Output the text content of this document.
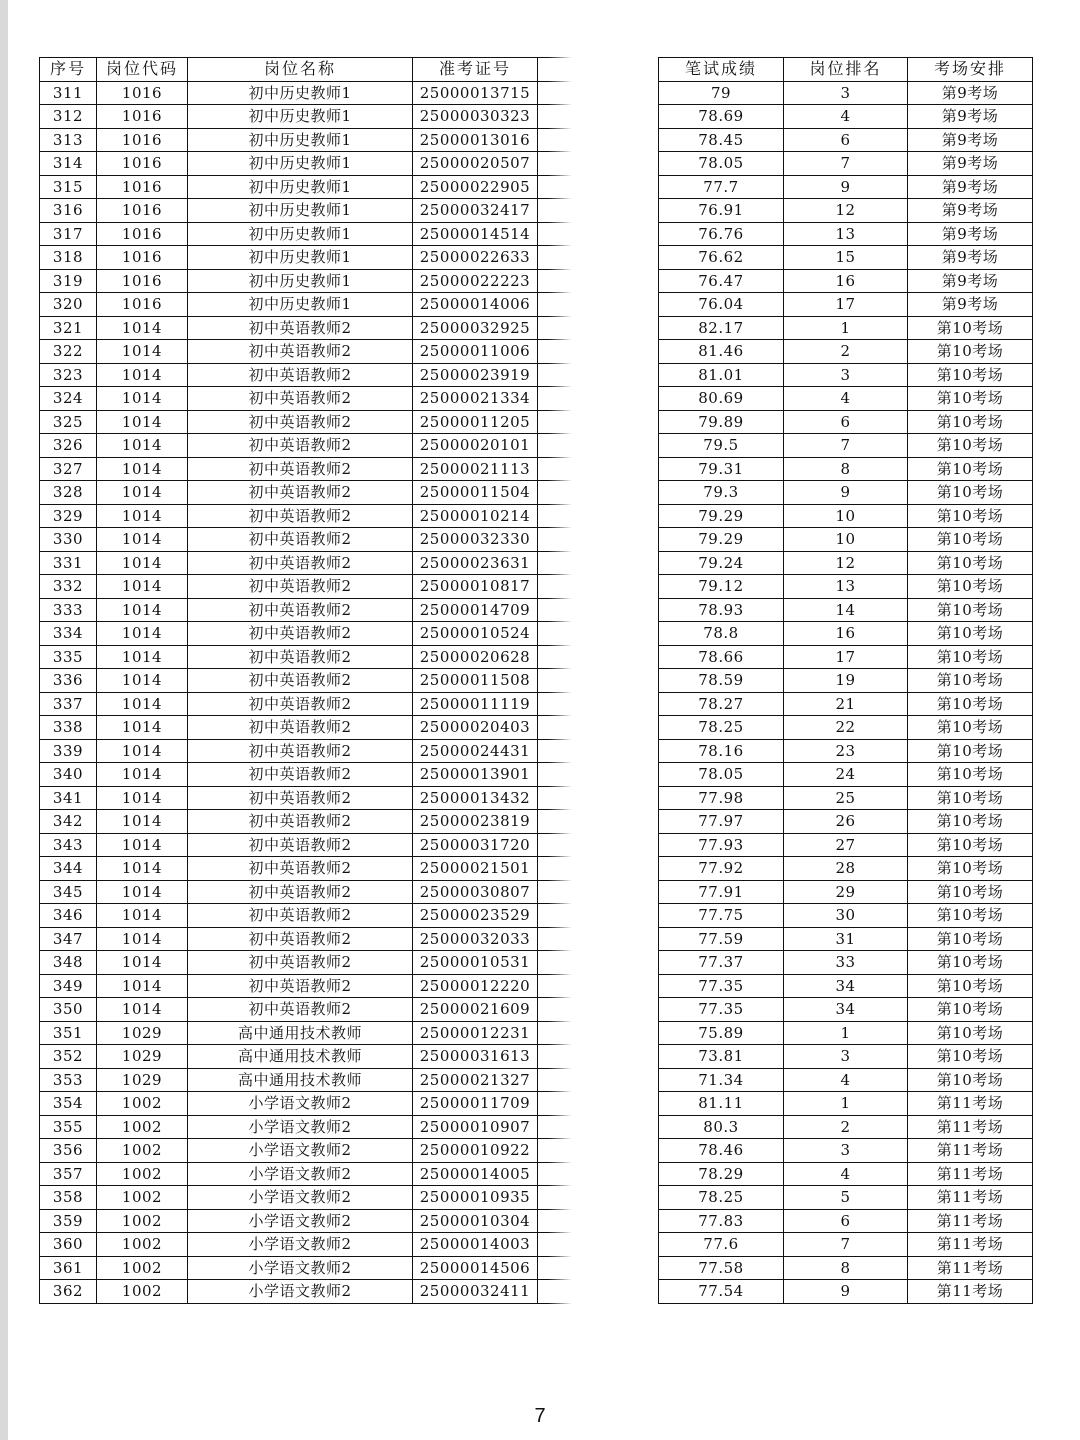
序号	岗位代码	岗位名称	准考证号	
311	1016	初中历史教师1	25000013715	
312	1016	初中历史教师1	25000030323	
313	1016	初中历史教师1	25000013016	
314	1016	初中历史教师1	25000020507	
315	1016	初中历史教师1	25000022905	
316	1016	初中历史教师1	25000032417	
317	1016	初中历史教师1	25000014514	
318	1016	初中历史教师1	25000022633	
319	1016	初中历史教师1	25000022223	
320	1016	初中历史教师1	25000014006	
321	1014	初中英语教师2	25000032925	
322	1014	初中英语教师2	25000011006	
323	1014	初中英语教师2	25000023919	
324	1014	初中英语教师2	25000021334	
325	1014	初中英语教师2	25000011205	
326	1014	初中英语教师2	25000020101	
327	1014	初中英语教师2	25000021113	
328	1014	初中英语教师2	25000011504	
329	1014	初中英语教师2	25000010214	
330	1014	初中英语教师2	25000032330	
331	1014	初中英语教师2	25000023631	
332	1014	初中英语教师2	25000010817	
333	1014	初中英语教师2	25000014709	
334	1014	初中英语教师2	25000010524	
335	1014	初中英语教师2	25000020628	
336	1014	初中英语教师2	25000011508	
337	1014	初中英语教师2	25000011119	
338	1014	初中英语教师2	25000020403	
339	1014	初中英语教师2	25000024431	
340	1014	初中英语教师2	25000013901	
341	1014	初中英语教师2	25000013432	
342	1014	初中英语教师2	25000023819	
343	1014	初中英语教师2	25000031720	
344	1014	初中英语教师2	25000021501	
345	1014	初中英语教师2	25000030807	
346	1014	初中英语教师2	25000023529	
347	1014	初中英语教师2	25000032033	
348	1014	初中英语教师2	25000010531	
349	1014	初中英语教师2	25000012220	
350	1014	初中英语教师2	25000021609	
351	1029	高中通用技术教师	25000012231	
352	1029	高中通用技术教师	25000031613	
353	1029	高中通用技术教师	25000021327	
354	1002	小学语文教师2	25000011709	
355	1002	小学语文教师2	25000010907	
356	1002	小学语文教师2	25000010922	
357	1002	小学语文教师2	25000014005	
358	1002	小学语文教师2	25000010935	
359	1002	小学语文教师2	25000010304	
360	1002	小学语文教师2	25000014003	
361	1002	小学语文教师2	25000014506	
362	1002	小学语文教师2	25000032411	
笔试成绩	岗位排名	考场安排
79	3	第9考场
78.69	4	第9考场
78.45	6	第9考场
78.05	7	第9考场
77.7	9	第9考场
76.91	12	第9考场
76.76	13	第9考场
76.62	15	第9考场
76.47	16	第9考场
76.04	17	第9考场
82.17	1	第10考场
81.46	2	第10考场
81.01	3	第10考场
80.69	4	第10考场
79.89	6	第10考场
79.5	7	第10考场
79.31	8	第10考场
79.3	9	第10考场
79.29	10	第10考场
79.29	10	第10考场
79.24	12	第10考场
79.12	13	第10考场
78.93	14	第10考场
78.8	16	第10考场
78.66	17	第10考场
78.59	19	第10考场
78.27	21	第10考场
78.25	22	第10考场
78.16	23	第10考场
78.05	24	第10考场
77.98	25	第10考场
77.97	26	第10考场
77.93	27	第10考场
77.92	28	第10考场
77.91	29	第10考场
77.75	30	第10考场
77.59	31	第10考场
77.37	33	第10考场
77.35	34	第10考场
77.35	34	第10考场
75.89	1	第10考场
73.81	3	第10考场
71.34	4	第10考场
81.11	1	第11考场
80.3	2	第11考场
78.46	3	第11考场
78.29	4	第11考场
78.25	5	第11考场
77.83	6	第11考场
77.6	7	第11考场
77.58	8	第11考场
77.54	9	第11考场
7
